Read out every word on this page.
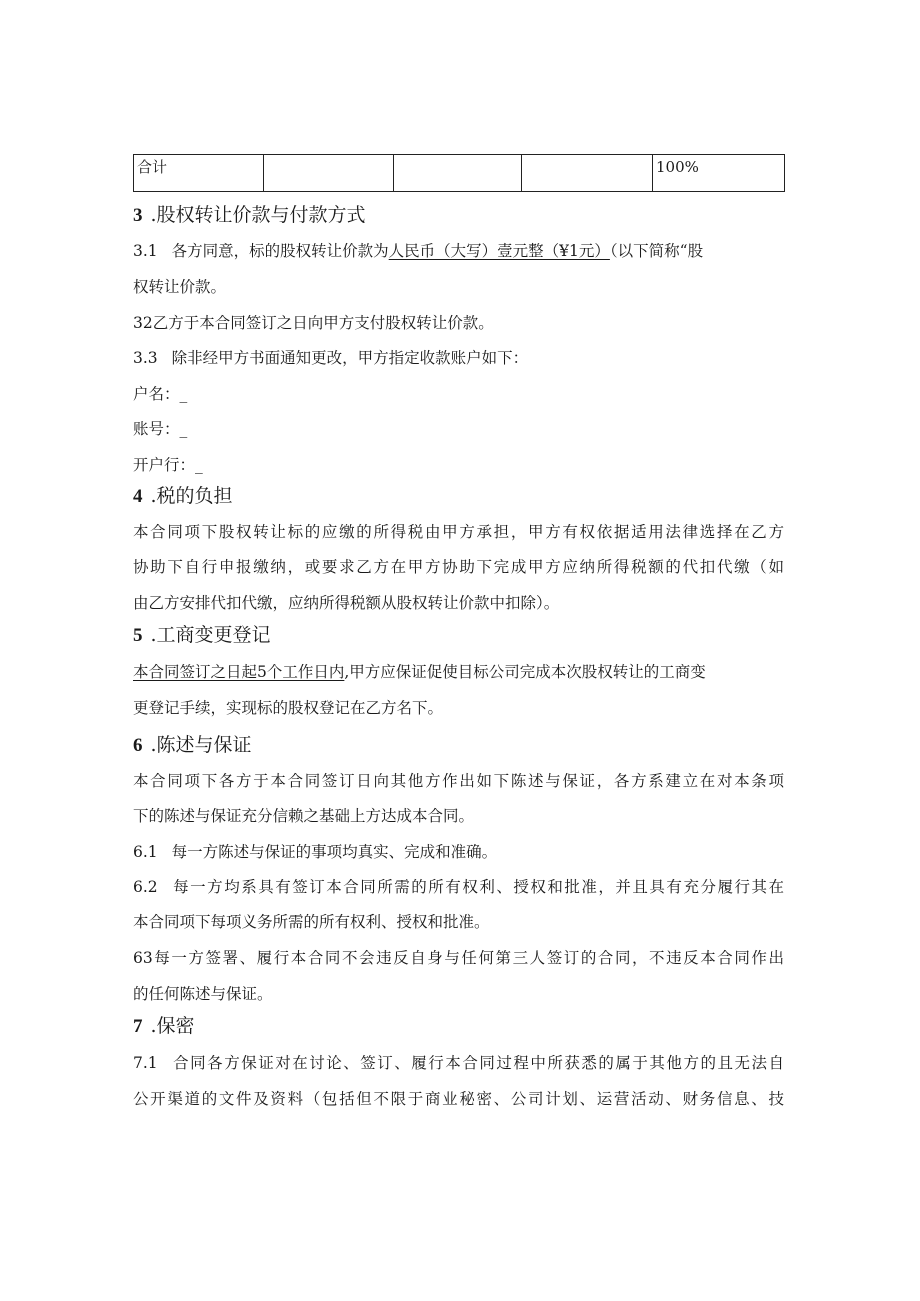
合计				100%
3 .股权转让价款与付款方式
3.1 各方同意，标的股权转让价款为人民币（大写）壹元整（¥1元）（以下简称“股
权转让价款。
32乙方于本合同签订之日向甲方支付股权转让价款。
3.3 除非经甲方书面通知更改，甲方指定收款账户如下：
户名：_
账号：_
开户行：_
4 .税的负担
本合同项下股权转让标的应缴的所得税由甲方承担，甲方有权依据适用法律选择在乙方
协助下自行申报缴纳，或要求乙方在甲方协助下完成甲方应纳所得税额的代扣代缴（如
由乙方安排代扣代缴，应纳所得税额从股权转让价款中扣除）。
5 .工商变更登记
本合同签订之日起5个工作日内,甲方应保证促使目标公司完成本次股权转让的工商变
更登记手续，实现标的股权登记在乙方名下。
6 .陈述与保证
本合同项下各方于本合同签订日向其他方作出如下陈述与保证，各方系建立在对本条项
下的陈述与保证充分信赖之基础上方达成本合同。
6.1 每一方陈述与保证的事项均真实、完成和准确。
6.2 每一方均系具有签订本合同所需的所有权利、授权和批准，并且具有充分履行其在
本合同项下每项义务所需的所有权利、授权和批准。
63每一方签署、履行本合同不会违反自身与任何第三人签订的合同，不违反本合同作出
的任何陈述与保证。
7 .保密
7.1 合同各方保证对在讨论、签订、履行本合同过程中所获悉的属于其他方的且无法自
公开渠道的文件及资料（包括但不限于商业秘密、公司计划、运营活动、财务信息、技
